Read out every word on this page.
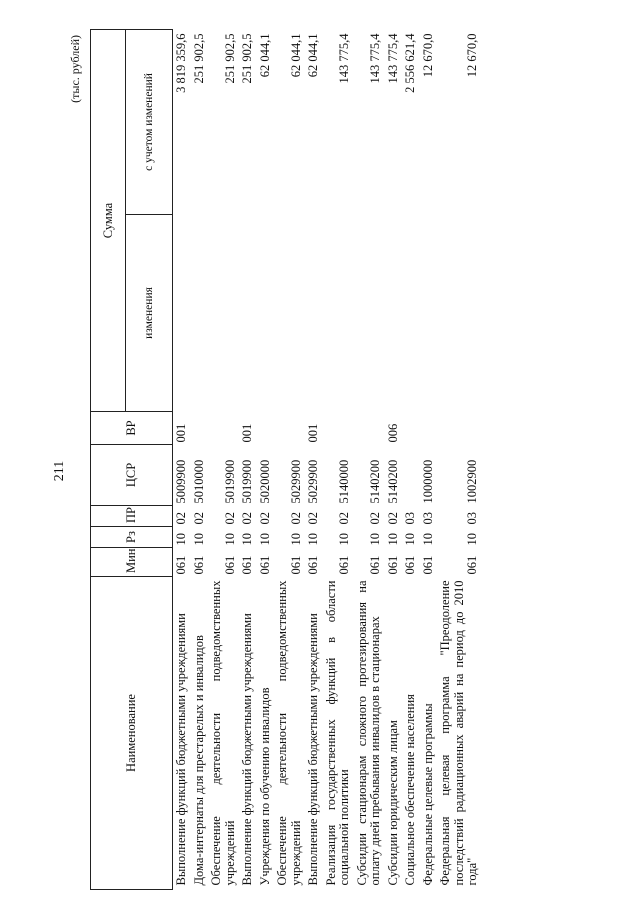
211
(тыс. рублей)
Наименование	Мин	Рз	ПР	ЦСР	ВР	Сумма	
						изменения	с учетом изменений
Выполнение функций бюджетными учреждениями	061	10	02	5009900	001		3 819 359,6
Дома-интернаты для престарелых и инвалидов	061	10	02	5010000			251 902,5
Обеспечение деятельности подведомственных учреждений	061	10	02	5019900			251 902,5
Выполнение функций бюджетными учреждениями	061	10	02	5019900	001		251 902,5
Учреждения по обучению инвалидов	061	10	02	5020000			62 044,1
Обеспечение деятельности подведомственных учреждений	061	10	02	5029900			62 044,1
Выполнение функций бюджетными учреждениями	061	10	02	5029900	001		62 044,1
Реализация государственных функций в области социальной политики	061	10	02	5140000			143 775,4
Субсидии стационарам сложного протезирования на оплату дней пребывания инвалидов в стационарах	061	10	02	5140200			143 775,4
Субсидии юридическим лицам	061	10	02	5140200	006		143 775,4
Социальное обеспечение населения	061	10	03				2 556 621,4
Федеральные целевые программы	061	10	03	1000000			12 670,0
Федеральная целевая программа "Преодоление последствий радиационных аварий на период до 2010 года"	061	10	03	1002900			12 670,0
